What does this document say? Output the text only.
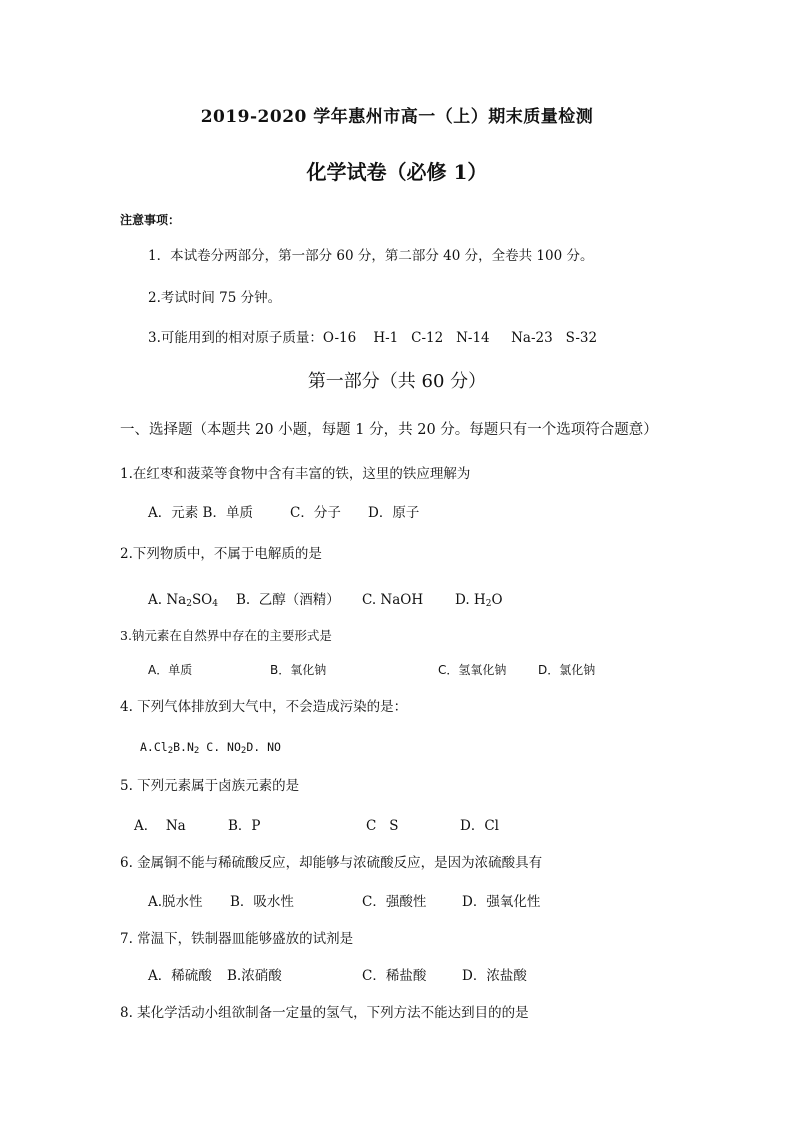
2019-2020 学年惠州市高一（上）期末质量检测
化学试卷（必修 1）
注意事项：
1．本试卷分两部分，第一部分 60 分，第二部分 40 分，全卷共 100 分。
2.考试时间 75 分钟。
3.可能用到的相对原子质量：O-16    H-1   C-12   N-14     Na-23   S-32
第一部分（共 60 分）
一、选择题（本题共 20 小题，每题 1 分，共 20 分。每题只有一个选项符合题意）
1.在红枣和菠菜等食物中含有丰富的铁，这里的铁应理解为
A．元素 B．单质	C．分子 D．原子
2.下列物质中，不属于电解质的是
A. $Na_2SO_4$ B.  乙醇（酒精） C. NaOH D. $H_2O$
3.钠元素在自然界中存在的主要形式是
A．单质	B．氧化钠	C．氢氧化钠	D．氯化钠
4. 下列气体排放到大气中，不会造成污染的是：
$A.Cl_2B.N_2$ C. $NO_2D$. NO
5. 下列元素属于卤族元素的是
A．  Na	B．P	C   S	D．Cl
6. 金属铜不能与稀硫酸反应，却能够与浓硫酸反应，是因为浓硫酸具有
A.脱水性 B．吸水性	C．强酸性	D．强氧化性
7. 常温下，铁制器皿能够盛放的试剂是
A．稀硫酸 B.浓硝酸	C．稀盐酸	D．浓盐酸
8. 某化学活动小组欲制备一定量的氢气，下列方法不能达到目的的是
